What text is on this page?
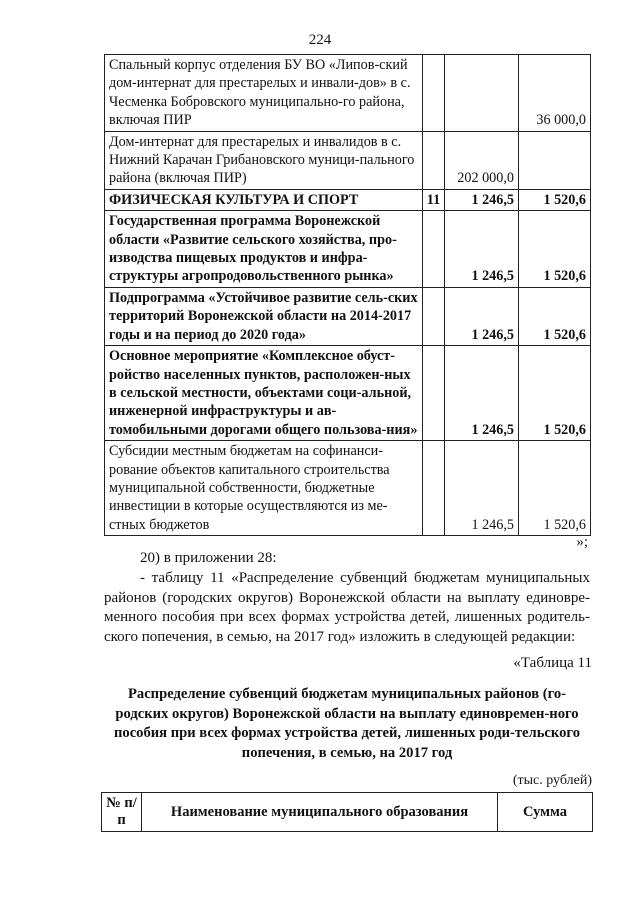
224
Спальный корпус отделения БУ ВО «Липов-ский дом-интернат для престарелых и инвали-дов» в с. Чесменка Бобровского муниципально-го района, включая ПИР			36 000,0
Дом-интернат для престарелых и инвалидов в с. Нижний Карачан Грибановского муници-пального района (включая ПИР)		202 000,0	
ФИЗИЧЕСКАЯ КУЛЬТУРА И СПОРТ	11	1 246,5	1 520,6
Государственная программа Воронежской области «Развитие сельского хозяйства, про-изводства пищевых продуктов и инфра-структуры агропродовольственного рынка»		1 246,5	1 520,6
Подпрограмма «Устойчивое развитие сель-ских территорий Воронежской области на 2014-2017 годы и на период до 2020 года»		1 246,5	1 520,6
Основное мероприятие «Комплексное обуст-ройство населенных пунктов, расположен-ных в сельской местности, объектами соци-альной, инженерной инфраструктуры и ав-томобильными дорогами общего пользова-ния»		1 246,5	1 520,6
Субсидии местным бюджетам на софинанси-рование объектов капитального строительства муниципальной собственности, бюджетные инвестиции в которые осуществляются из ме-стных бюджетов		1 246,5	1 520,6
»;
20) в приложении 28:
- таблицу 11 «Распределение субвенций бюджетам муниципальных районов (городских округов) Воронежской области на выплату единовре-менного пособия при всех формах устройства детей, лишенных родитель-ского попечения, в семью, на 2017 год» изложить в следующей редакции:
«Таблица 11
Распределение субвенций бюджетам муниципальных районов (го-родских округов) Воронежской области на выплату единовремен-ного пособия при всех формах устройства детей, лишенных роди-тельского попечения, в семью, на 2017 год
(тыс. рублей)
№ п/п	Наименование муниципального образования	Сумма
